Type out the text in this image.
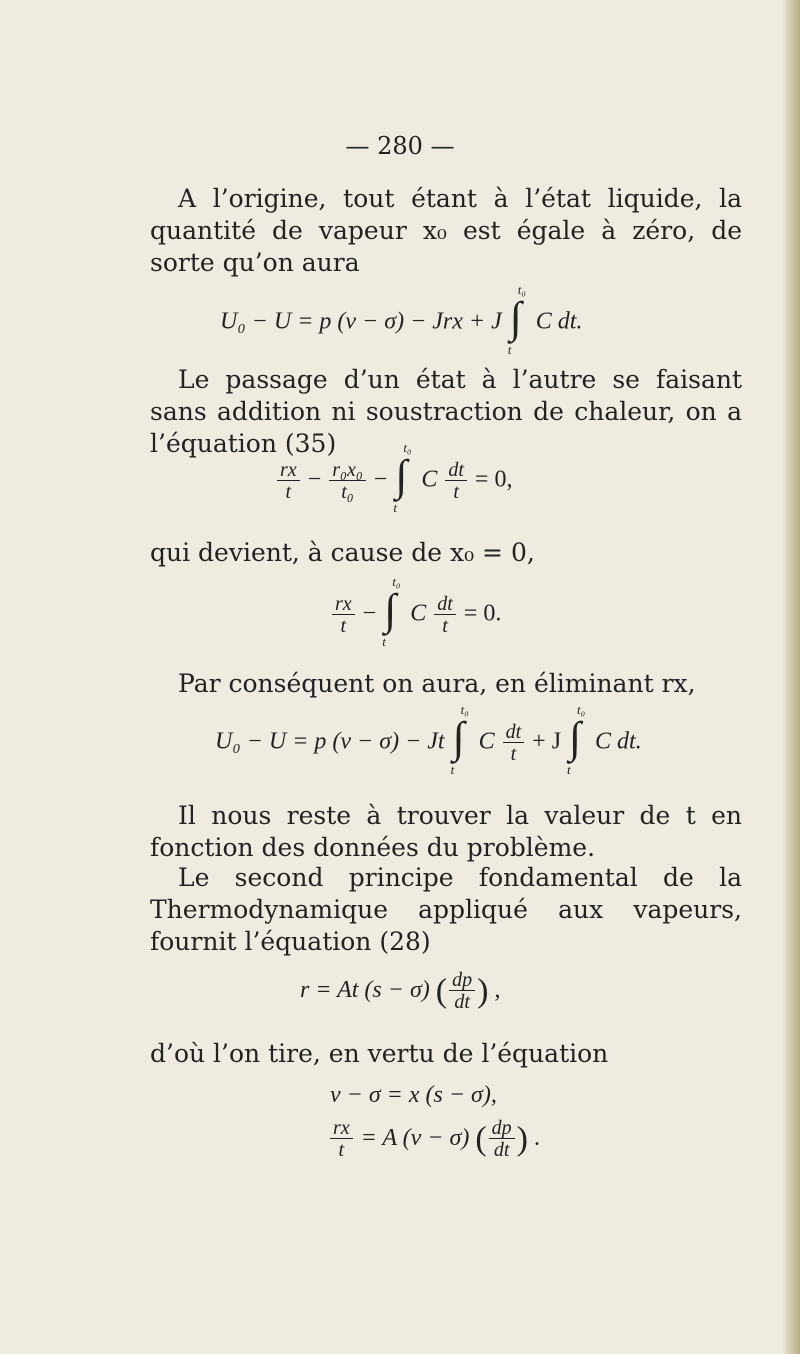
— 280 —

A l’origine, tout étant à l’état liquide, la quantité de vapeur x₀ est égale à zéro, de sorte qu’on aura

U₀ − U = p (v − σ) − Jrx + J ∫
t₀
t
C dt.

Le passage d’un état à l’autre se faisant sans addition ni soustraction de chaleur, on a l’équation (35)

$\frac{rx}{t} - \frac{\text{r₀x₀}}{\text{t₀}}$ − ∫
t₀
t
C $\frac{dt}{t} = 0$,

qui devient, à cause de x₀ = 0,

$\frac{rx}{t}$ − ∫
t₀
t
C $\frac{dt}{t} = 0$.

Par conséquent on aura, en éliminant rx,

U₀ − U = p (v − σ) − Jt ∫
t₀
t
C $\frac{dt}{t} + J$ ∫
t₀
t
C dt.

Il nous reste à trouver la valeur de t en fonction des données du problème.

Le second principe fondamental de la Thermodynamique appliqué aux vapeurs, fournit l’équation (28)

r = At (s − σ) ( $\frac{dp}{dt}$ ) ,

d’où l’on tire, en vertu de l’équation

v − σ = x (s − σ),
$\frac{rx}{t} = A$ (v − σ) ( $\frac{dp}{dt}$ ) .
